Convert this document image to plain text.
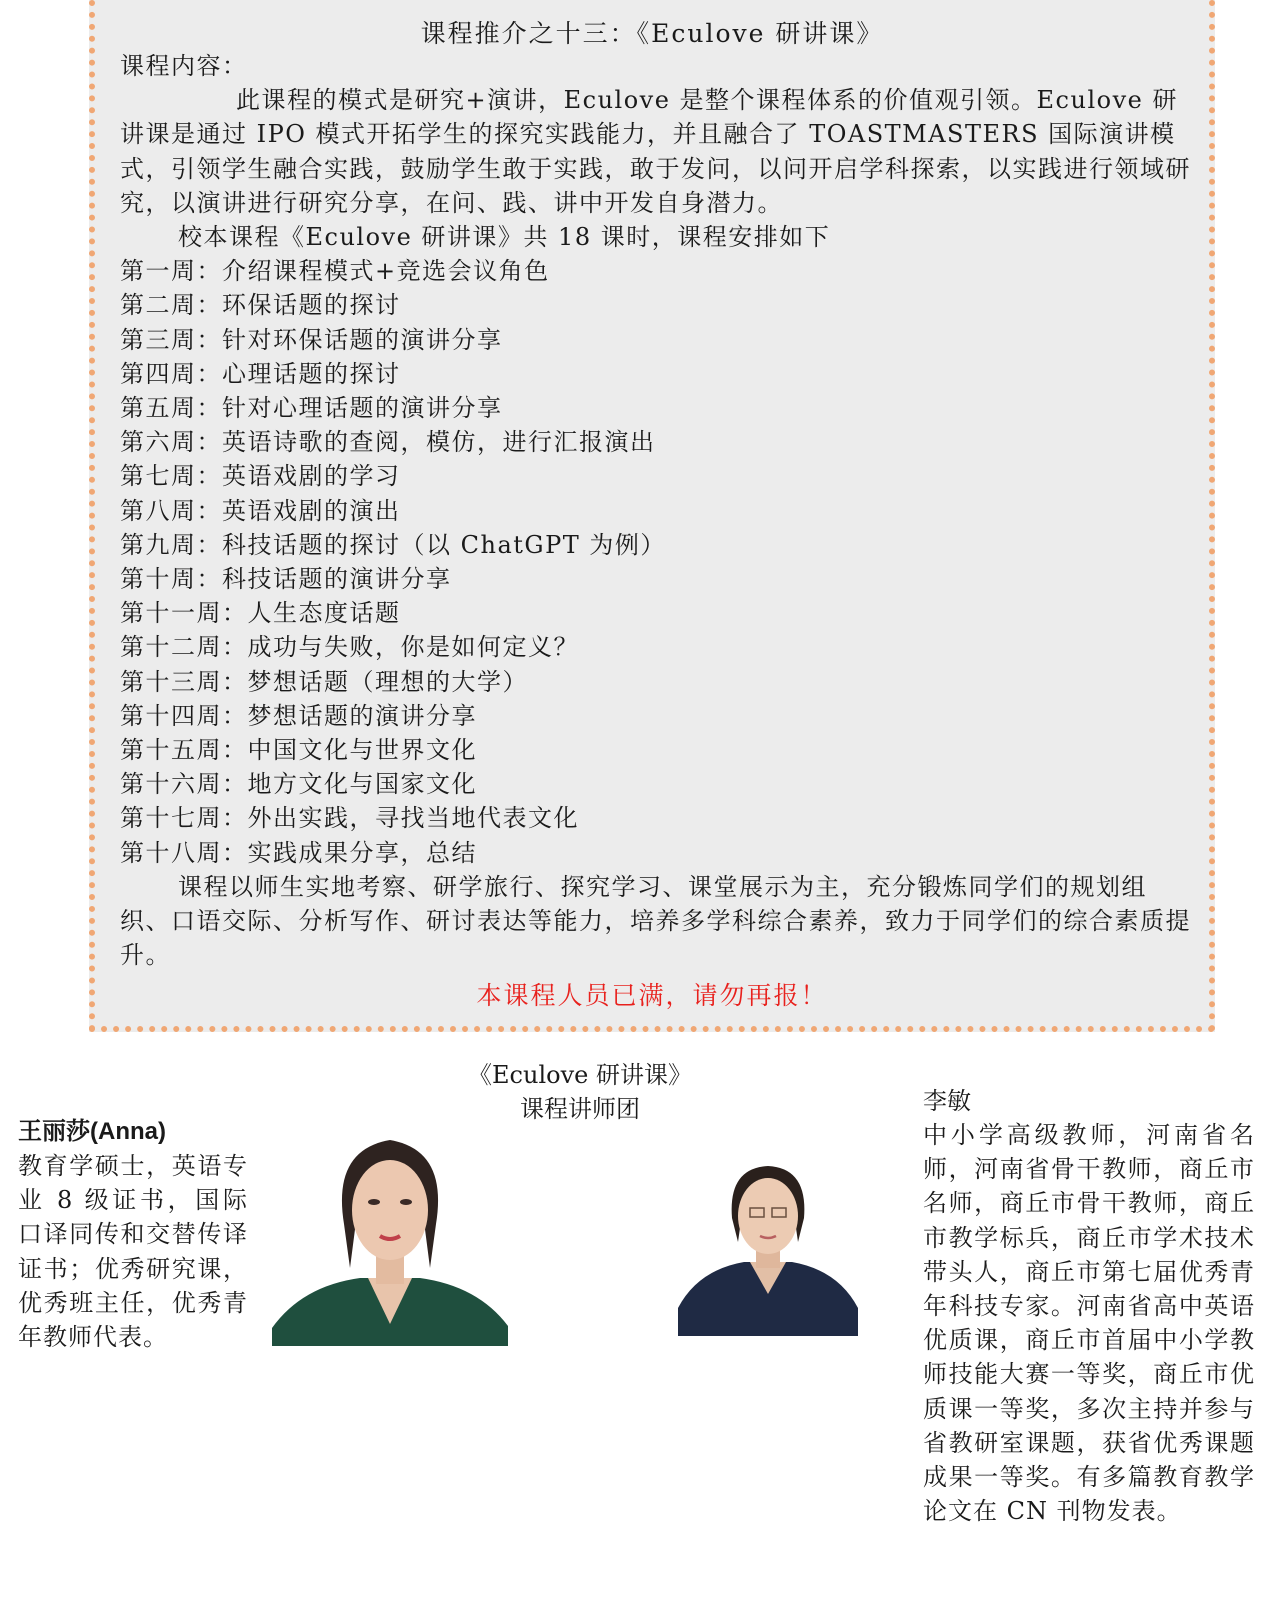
课程推介之十三：《Eculove 研讲课》

课程内容：

此课程的模式是研究+演讲，Eculove 是整个课程体系的价值观引领。Eculove 研讲课是通过 IPO 模式开拓学生的探究实践能力，并且融合了 TOASTMASTERS 国际演讲模式，引领学生融合实践，鼓励学生敢于实践，敢于发问，以问开启学科探索，以实践进行领域研究，以演讲进行研究分享，在问、践、讲中开发自身潜力。

校本课程《Eculove 研讲课》共 18 课时，课程安排如下

第一周：介绍课程模式+竞选会议角色
第二周：环保话题的探讨
第三周：针对环保话题的演讲分享
第四周：心理话题的探讨
第五周：针对心理话题的演讲分享
第六周：英语诗歌的查阅，模仿，进行汇报演出
第七周：英语戏剧的学习
第八周：英语戏剧的演出
第九周：科技话题的探讨（以 ChatGPT 为例）
第十周：科技话题的演讲分享
第十一周：人生态度话题
第十二周：成功与失败，你是如何定义？
第十三周：梦想话题（理想的大学）
第十四周：梦想话题的演讲分享
第十五周：中国文化与世界文化
第十六周：地方文化与国家文化
第十七周：外出实践，寻找当地代表文化
第十八周：实践成果分享，总结

课程以师生实地考察、研学旅行、探究学习、课堂展示为主，充分锻炼同学们的规划组织、口语交际、分析写作、研讨表达等能力，培养多学科综合素养，致力于同学们的综合素质提升。

本课程人员已满，请勿再报！
《Eculove 研讲课》
课程讲师团
王丽莎(Anna)

教育学硕士，英语专业 8 级证书，国际口译同传和交替传译证书；优秀研究课，优秀班主任，优秀青年教师代表。

李敏

中小学高级教师，河南省名师，河南省骨干教师，商丘市名师，商丘市骨干教师，商丘市教学标兵，商丘市学术技术带头人，商丘市第七届优秀青年科技专家。河南省高中英语优质课，商丘市首届中小学教师技能大赛一等奖，商丘市优质课一等奖，多次主持并参与省教研室课题，获省优秀课题成果一等奖。有多篇教育教学论文在 CN 刊物发表。
